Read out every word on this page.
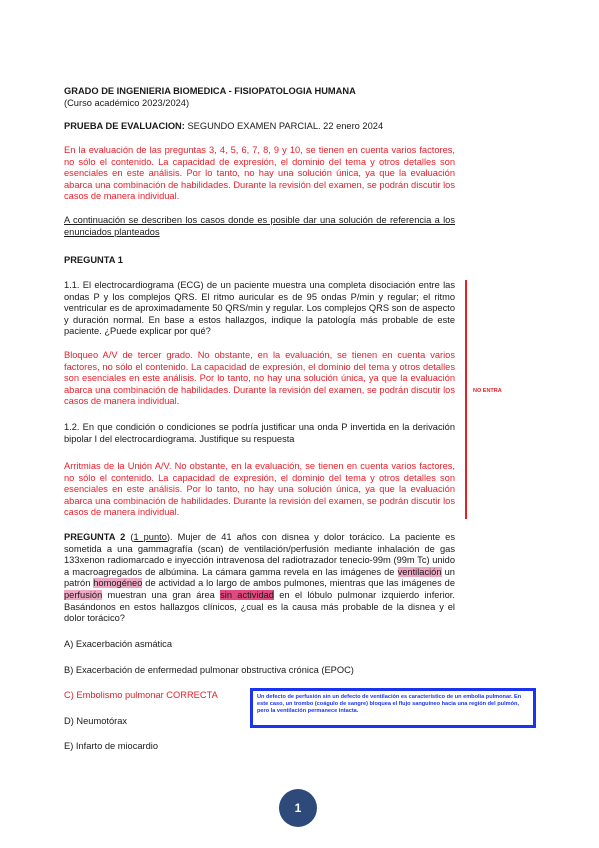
GRADO DE INGENIERIA BIOMEDICA - FISIOPATOLOGIA HUMANA
(Curso académico 2023/2024)
PRUEBA DE EVALUACION: SEGUNDO EXAMEN PARCIAL. 22 enero 2024
En la evaluación de las preguntas 3, 4, 5, 6, 7, 8, 9 y 10, se tienen en cuenta varios factores, no sólo el contenido. La capacidad de expresión, el dominio del tema y otros detalles son esenciales en este análisis. Por lo tanto, no hay una solución única, ya que la evaluación abarca una combinación de habilidades. Durante la revisión del examen, se podrán discutir los casos de manera individual.
A continuación se describen los casos donde es posible dar una solución de referencia a los enunciados planteados
PREGUNTA 1
1.1. El electrocardiograma (ECG) de un paciente muestra una completa disociación entre las ondas P y los complejos QRS. El ritmo auricular es de 95 ondas P/min y regular; el ritmo ventricular es de aproximadamente 50 QRS/min y regular. Los complejos QRS son de aspecto y duración normal. En base a estos hallazgos, indique la patología más probable de este paciente. ¿Puede explicar por qué?
Bloqueo A/V de tercer grado. No obstante, en la evaluación, se tienen en cuenta varios factores, no sólo el contenido. La capacidad de expresión, el dominio del tema y otros detalles son esenciales en este análisis. Por lo tanto, no hay una solución única, ya que la evaluación abarca una combinación de habilidades. Durante la revisión del examen, se podrán discutir los casos de manera individual.
1.2. En que condición o condiciones se podría justificar una onda P invertida en la derivación bipolar I del electrocardiograma. Justifique su respuesta
Arritmias de la Unión A/V. No obstante, en la evaluación, se tienen en cuenta varios factores, no sólo el contenido. La capacidad de expresión, el dominio del tema y otros detalles son esenciales en este análisis. Por lo tanto, no hay una solución única, ya que la evaluación abarca una combinación de habilidades. Durante la revisión del examen, se podrán discutir los casos de manera individual.
NO ENTRA
PREGUNTA 2 (1 punto). Mujer de 41 años con disnea y dolor torácico. La paciente es sometida a una gammagrafía (scan) de ventilación/perfusión mediante inhalación de gas 133xenon radiomarcado e inyección intravenosa del radiotrazador tenecio-99m (99m Tc) unido a macroagregados de albúmina. La cámara gamma revela en las imágenes de ventilación un patrón homogéneo de actividad a lo largo de ambos pulmones, mientras que las imágenes de perfusión muestran una gran área sin actividad en el lóbulo pulmonar izquierdo inferior. Basándonos en estos hallazgos clínicos, ¿cual es la causa más probable de la disnea y el dolor torácico?
A) Exacerbación asmática
B) Exacerbación de enfermedad pulmonar obstructiva crónica (EPOC)
C) Embolismo pulmonar CORRECTA
D) Neumotórax
E) Infarto de miocardio
Un defecto de perfusión sin un defecto de ventilación es característico de un embolia pulmonar. En este caso, un trombo (coágulo de sangre) bloquea el flujo sanguíneo hacia una región del pulmón, pero la ventilación permanece intacta.
1
